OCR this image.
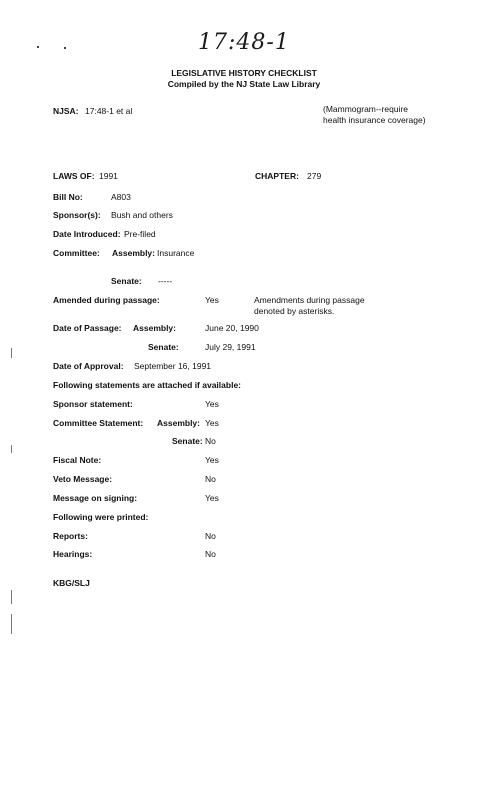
17:48-1
LEGISLATIVE HISTORY CHECKLIST
Compiled by the NJ State Law Library
NJSA: 17:48-1 et al	(Mammogram--require health insurance coverage)
LAWS OF: 1991	CHAPTER: 279
Bill No:	A803
Sponsor(s): Bush and others
Date Introduced: Pre-filed
Committee: Assembly: Insurance
Senate: -----
Amended during passage:	Yes	Amendments during passage denoted by asterisks.
Date of Passage: Assembly:	June 20, 1990
Senate:	July 29, 1991
Date of Approval: September 16, 1991
Following statements are attached if available:
Sponsor statement:	Yes
Committee Statement: Assembly: Yes
Senate: No
Fiscal Note:	Yes
Veto Message:	No
Message on signing:	Yes
Following were printed:
Reports:	No
Hearings:	No
KBG/SLJ
